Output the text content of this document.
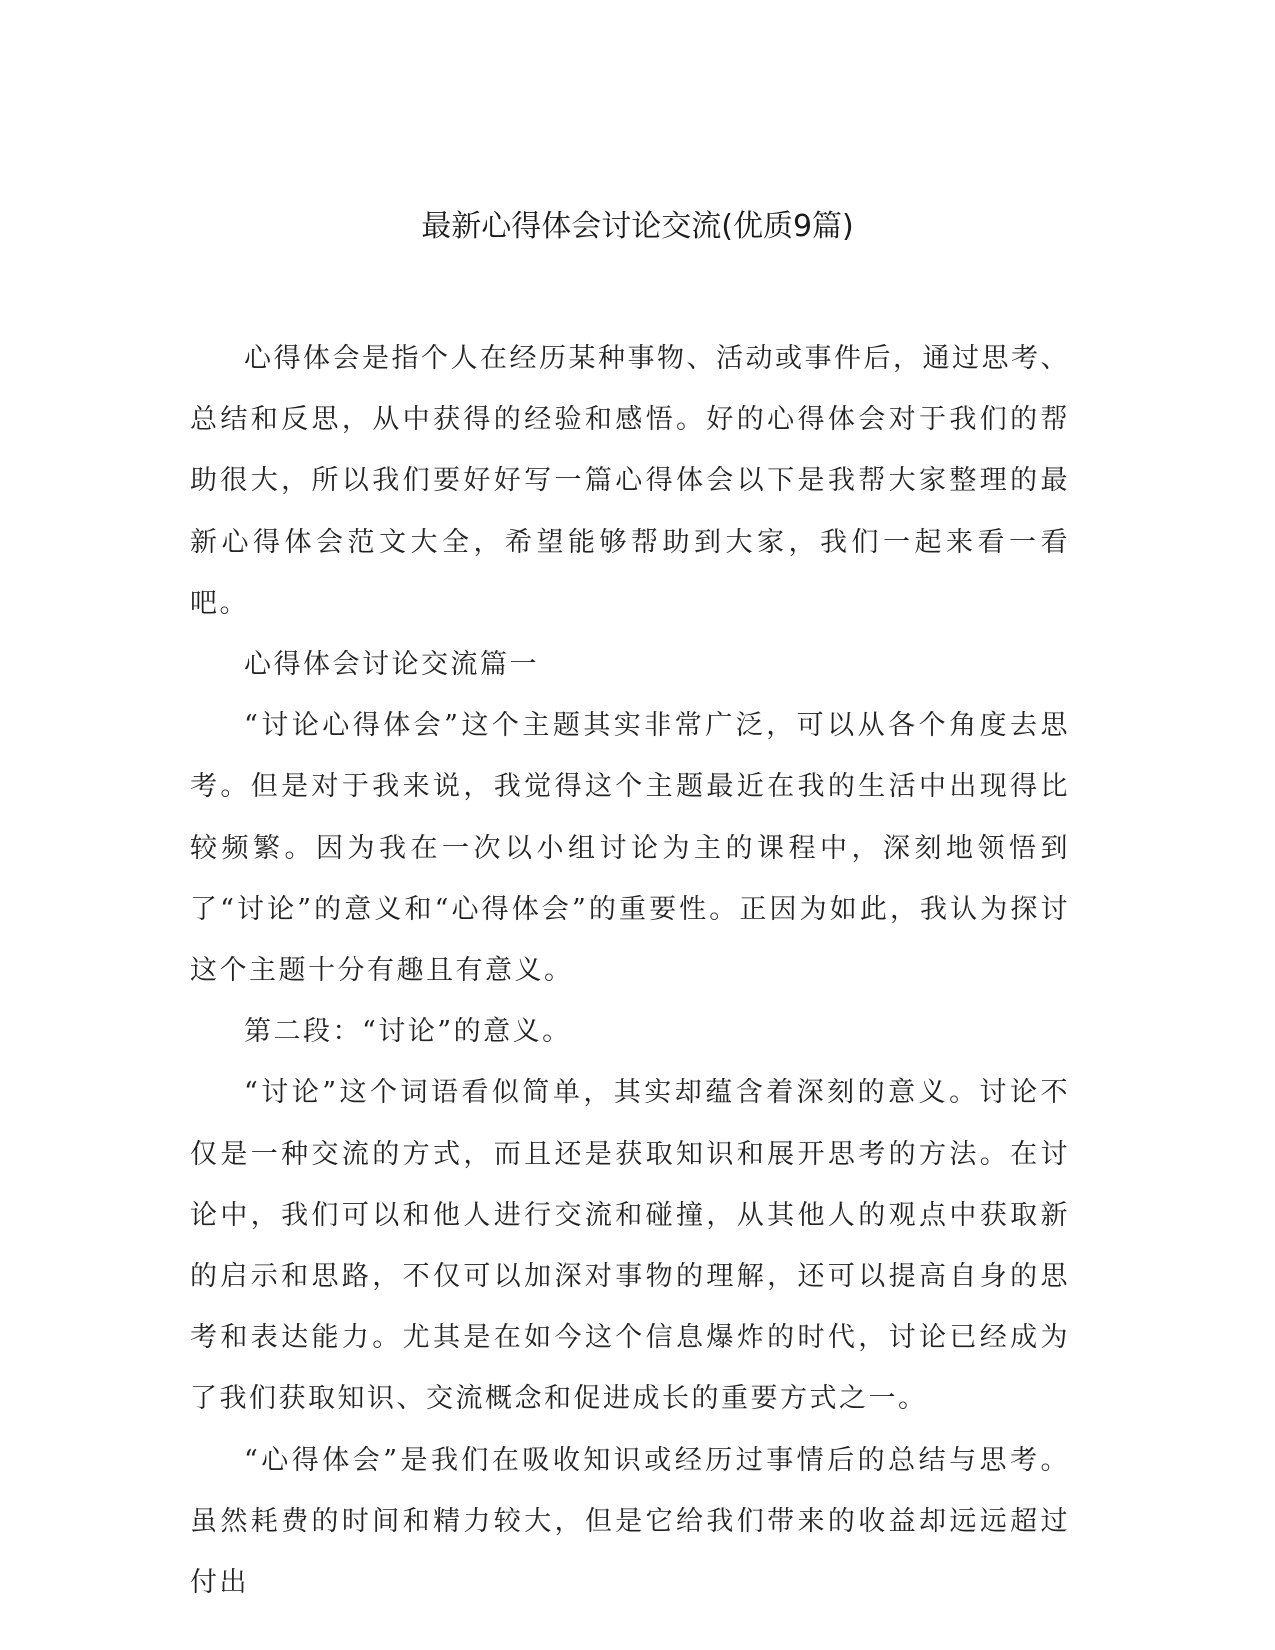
最新心得体会讨论交流(优质9篇)

心得体会是指个人在经历某种事物、活动或事件后，通过思考、总结和反思，从中获得的经验和感悟。好的心得体会对于我们的帮助很大，所以我们要好好写一篇心得体会以下是我帮大家整理的最新心得体会范文大全，希望能够帮助到大家，我们一起来看一看吧。

心得体会讨论交流篇一

“讨论心得体会”这个主题其实非常广泛，可以从各个角度去思考。但是对于我来说，我觉得这个主题最近在我的生活中出现得比较频繁。因为我在一次以小组讨论为主的课程中，深刻地领悟到了“讨论”的意义和“心得体会”的重要性。正因为如此，我认为探讨这个主题十分有趣且有意义。

第二段：“讨论”的意义。

“讨论”这个词语看似简单，其实却蕴含着深刻的意义。讨论不仅是一种交流的方式，而且还是获取知识和展开思考的方法。在讨论中，我们可以和他人进行交流和碰撞，从其他人的观点中获取新的启示和思路，不仅可以加深对事物的理解，还可以提高自身的思考和表达能力。尤其是在如今这个信息爆炸的时代，讨论已经成为了我们获取知识、交流概念和促进成长的重要方式之一。

“心得体会”是我们在吸收知识或经历过事情后的总结与思考。虽然耗费的时间和精力较大，但是它给我们带来的收益却远远超过付出
